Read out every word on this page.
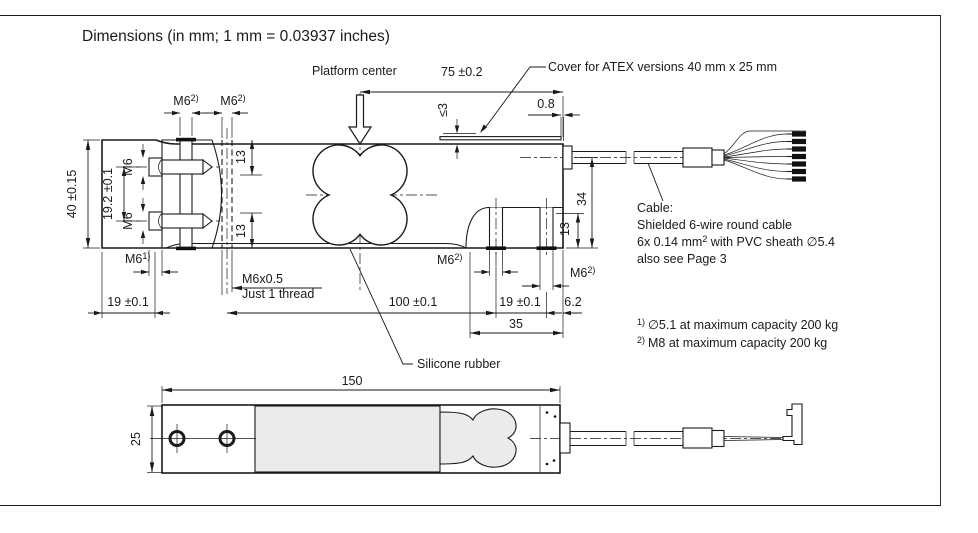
Dimensions (in mm; 1 mm = 0.03937 inches)
Platform center	75 ±0.2	Cover for ATEX versions 40 mm x 25 mm
0.8
≤3
M6$^{2)}$ M6$^{2)}$
40 ±0.15 19.2 ±0.1
M6
M6
13
13
M6$^{1)}$
19 ±0.1
M6x0.5
Just 1 thread
100 ±0.1
M6$^{2)}$
M6$^{2)}$
19 ±0.1 6.2
35
13
34
Cable:
Shielded 6-wire round cable
6x 0.14 $mm^2$ with PVC sheath ∅5.4
also see Page 3
$^{1)}$ ∅5.1 at maximum capacity 200 kg
$^{2)}$ M8 at maximum capacity 200 kg
Silicone rubber
150
25
